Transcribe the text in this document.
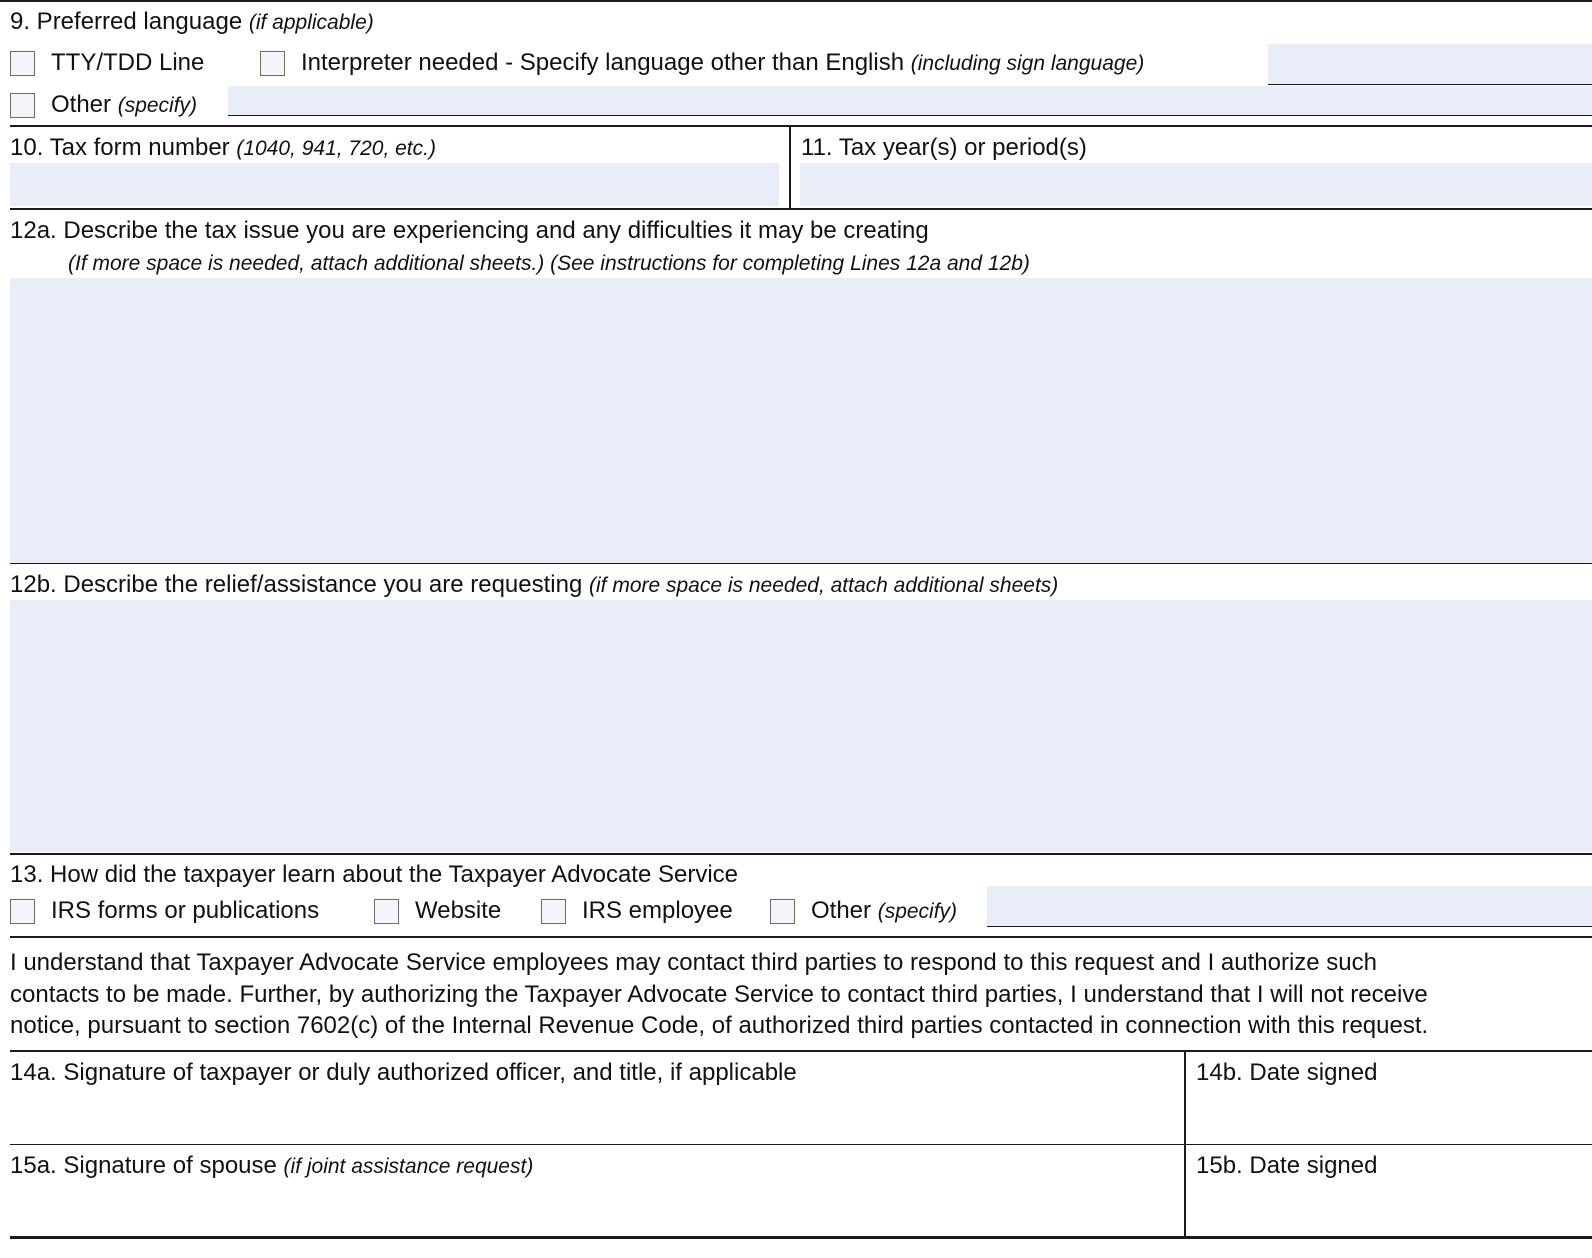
9. Preferred language (if applicable)
TTY/TDD Line	Interpreter needed - Specify language other than English (including sign language)
Other (specify)
10. Tax form number (1040, 941, 720, etc.)	11. Tax year(s) or period(s)
12a. Describe the tax issue you are experiencing and any difficulties it may be creating
(If more space is needed, attach additional sheets.) (See instructions for completing Lines 12a and 12b)
12b. Describe the relief/assistance you are requesting (if more space is needed, attach additional sheets)
13. How did the taxpayer learn about the Taxpayer Advocate Service
IRS forms or publications	Website	IRS employee	Other (specify)
I understand that Taxpayer Advocate Service employees may contact third parties to respond to this request and I authorize such
contacts to be made. Further, by authorizing the Taxpayer Advocate Service to contact third parties, I understand that I will not receive
notice, pursuant to section 7602(c) of the Internal Revenue Code, of authorized third parties contacted in connection with this request.
14a. Signature of taxpayer or duly authorized officer, and title, if applicable	14b. Date signed
15a. Signature of spouse (if joint assistance request)	15b. Date signed
